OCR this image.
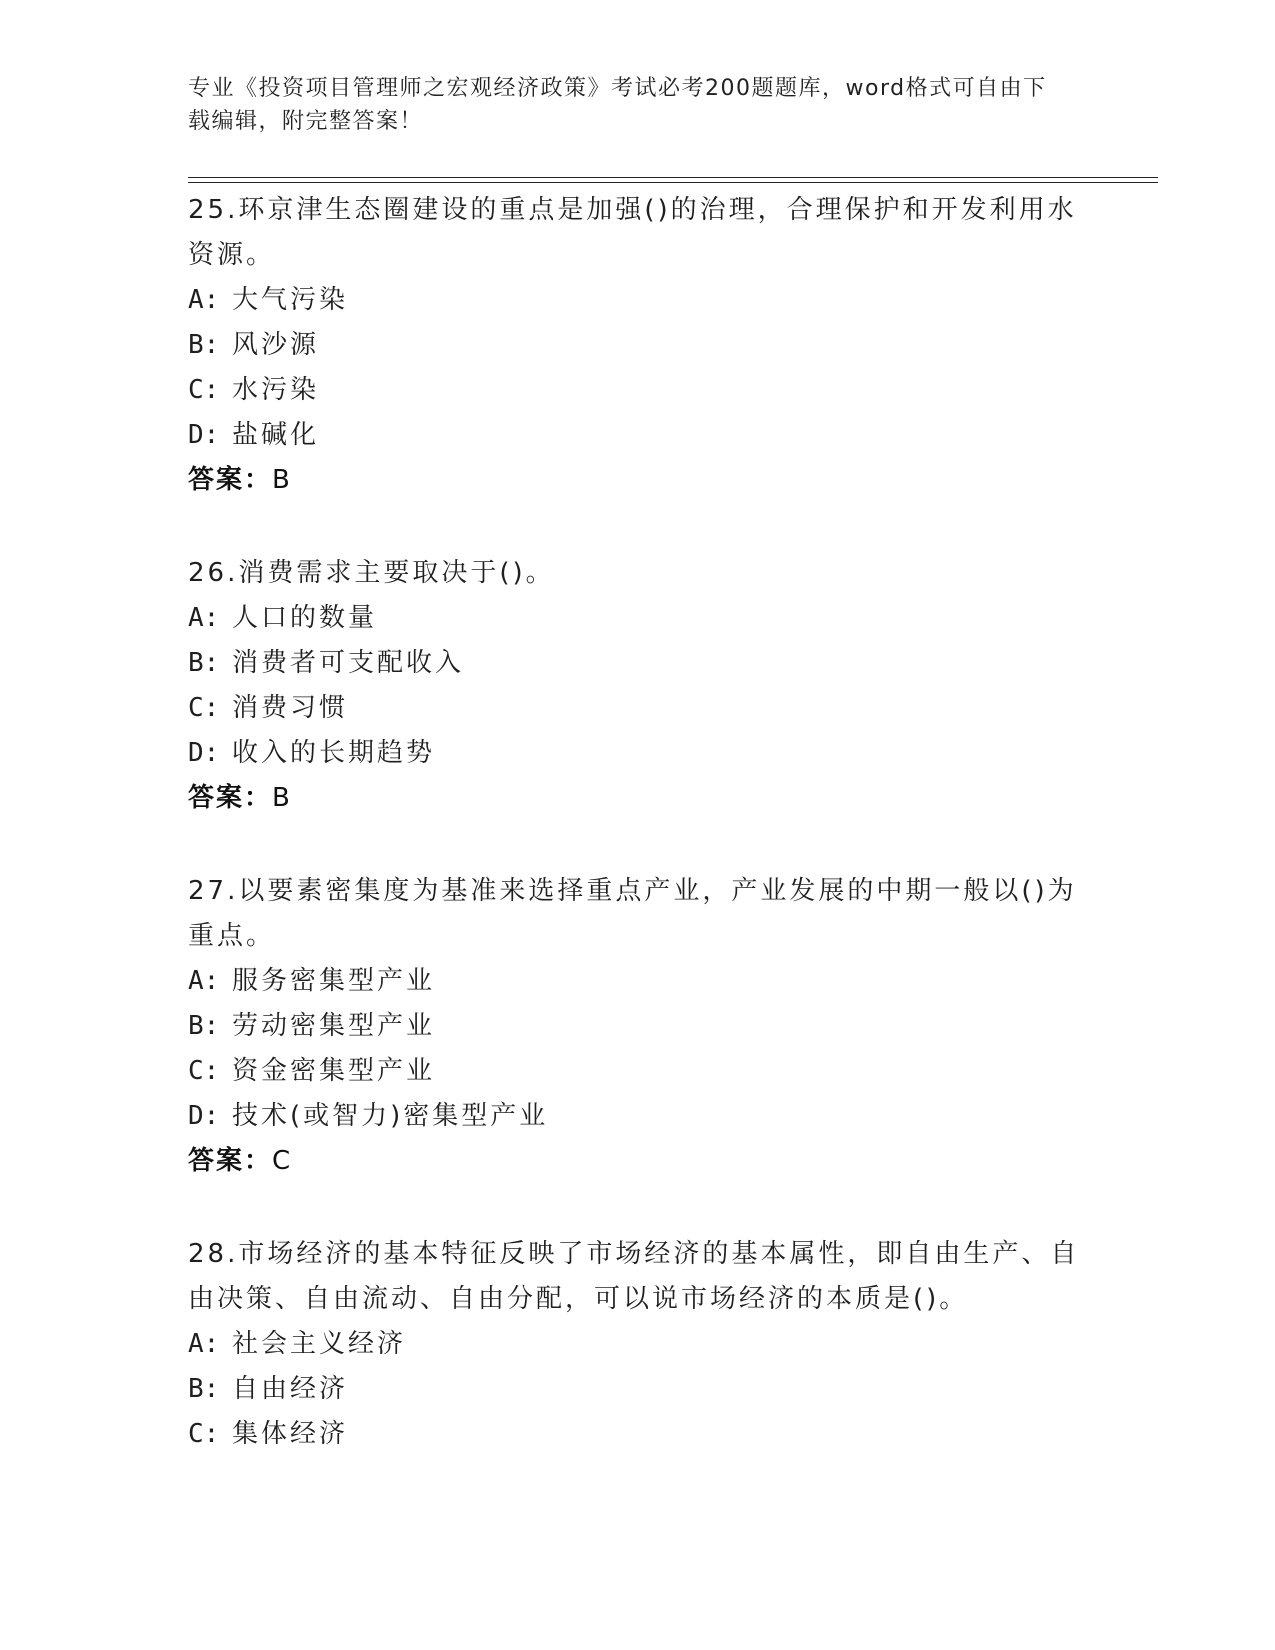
专业《投资项目管理师之宏观经济政策》考试必考200题题库，word格式可自由下载编辑，附完整答案！
25.环京津生态圈建设的重点是加强()的治理，合理保护和开发利用水资源。
A: 大气污染
B: 风沙源
C: 水污染
D: 盐碱化
答案：B
26.消费需求主要取决于()。
A: 人口的数量
B: 消费者可支配收入
C: 消费习惯
D: 收入的长期趋势
答案：B
27.以要素密集度为基准来选择重点产业，产业发展的中期一般以()为重点。
A: 服务密集型产业
B: 劳动密集型产业
C: 资金密集型产业
D: 技术(或智力)密集型产业
答案：C
28.市场经济的基本特征反映了市场经济的基本属性，即自由生产、自由决策、自由流动、自由分配，可以说市场经济的本质是()。
A: 社会主义经济
B: 自由经济
C: 集体经济
